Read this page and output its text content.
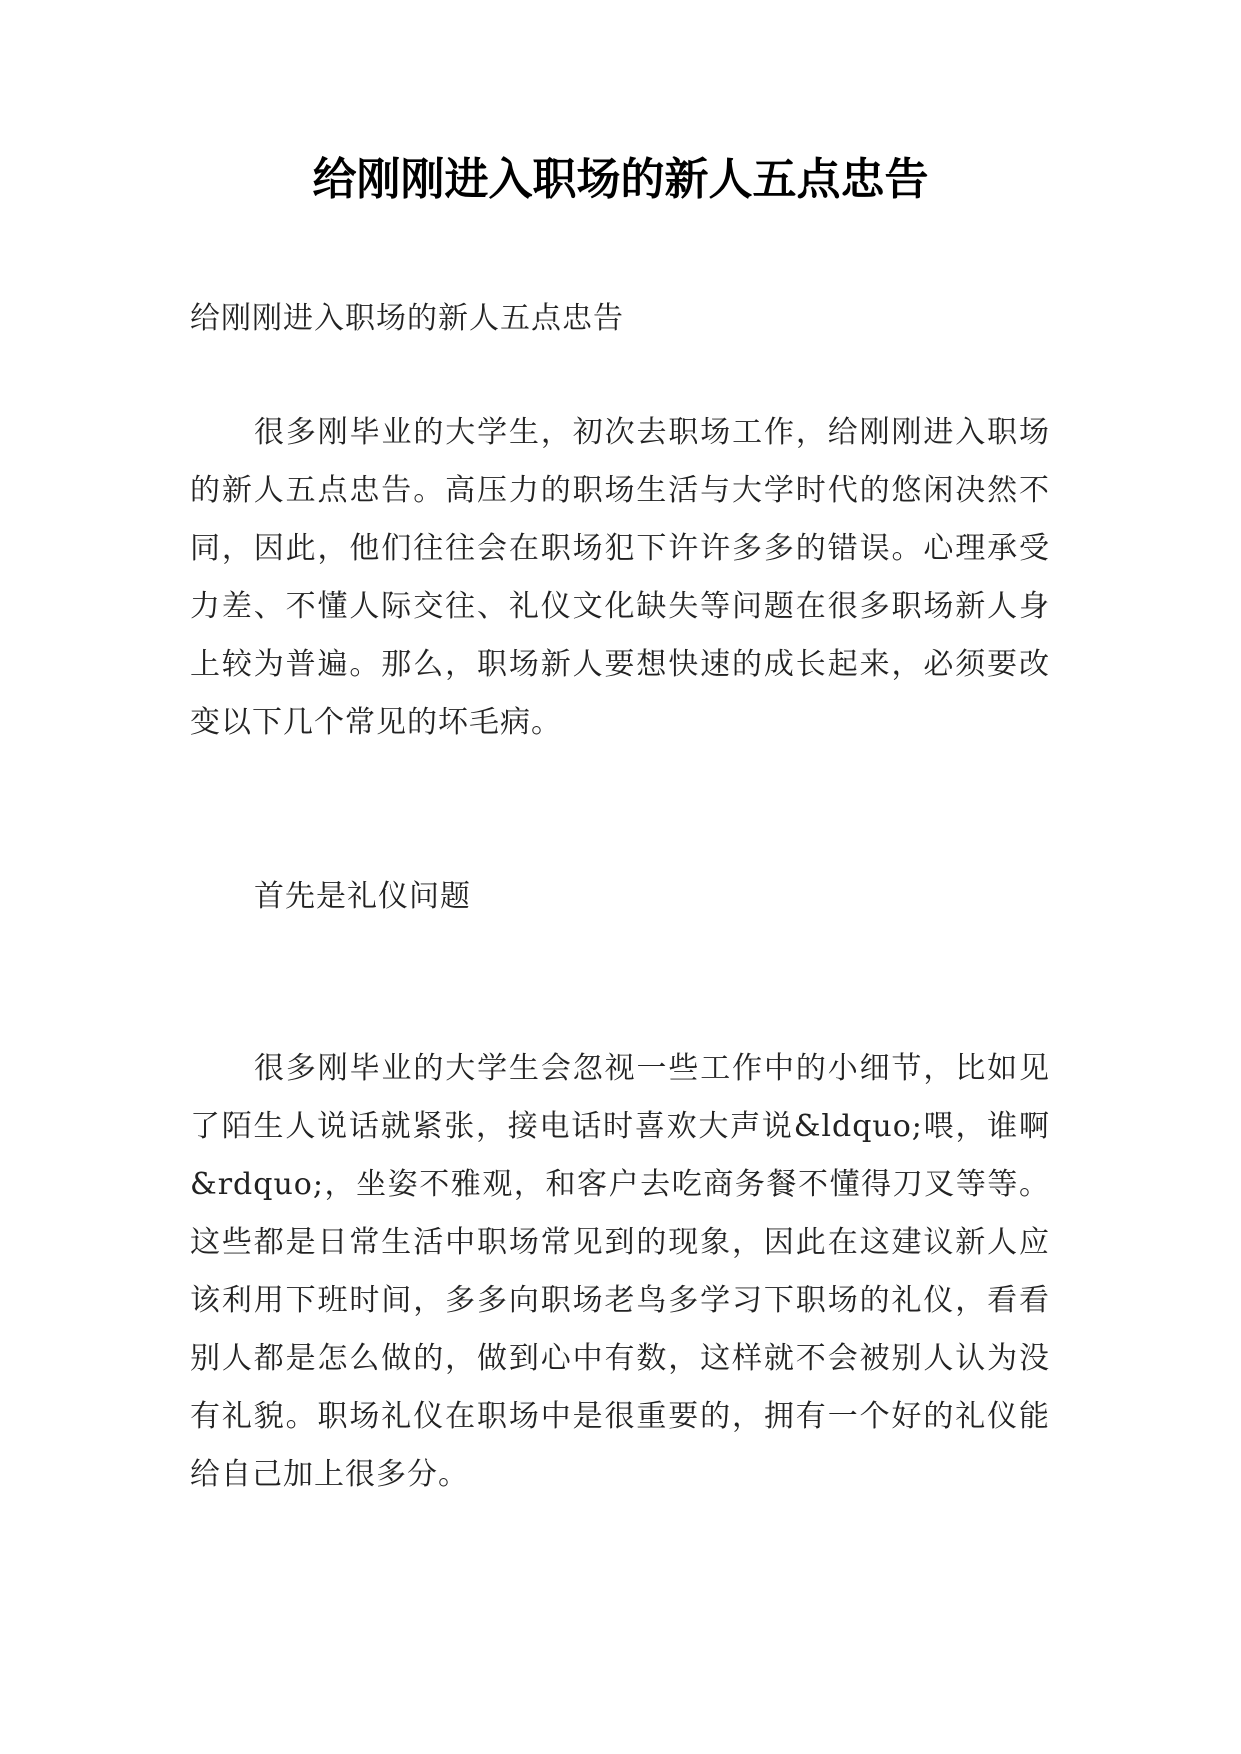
给刚刚进入职场的新人五点忠告

给刚刚进入职场的新人五点忠告

很多刚毕业的大学生，初次去职场工作，给刚刚进入职场的新人五点忠告。高压力的职场生活与大学时代的悠闲决然不同，因此，他们往往会在职场犯下许许多多的错误。心理承受力差、不懂人际交往、礼仪文化缺失等问题在很多职场新人身上较为普遍。那么，职场新人要想快速的成长起来，必须要改变以下几个常见的坏毛病。

首先是礼仪问题

很多刚毕业的大学生会忽视一些工作中的小细节，比如见了陌生人说话就紧张，接电话时喜欢大声说&ldquo;喂，谁啊&rdquo;，坐姿不雅观，和客户去吃商务餐不懂得刀叉等等。这些都是日常生活中职场常见到的现象，因此在这建议新人应该利用下班时间，多多向职场老鸟多学习下职场的礼仪，看看别人都是怎么做的，做到心中有数，这样就不会被别人认为没有礼貌。职场礼仪在职场中是很重要的，拥有一个好的礼仪能给自己加上很多分。
